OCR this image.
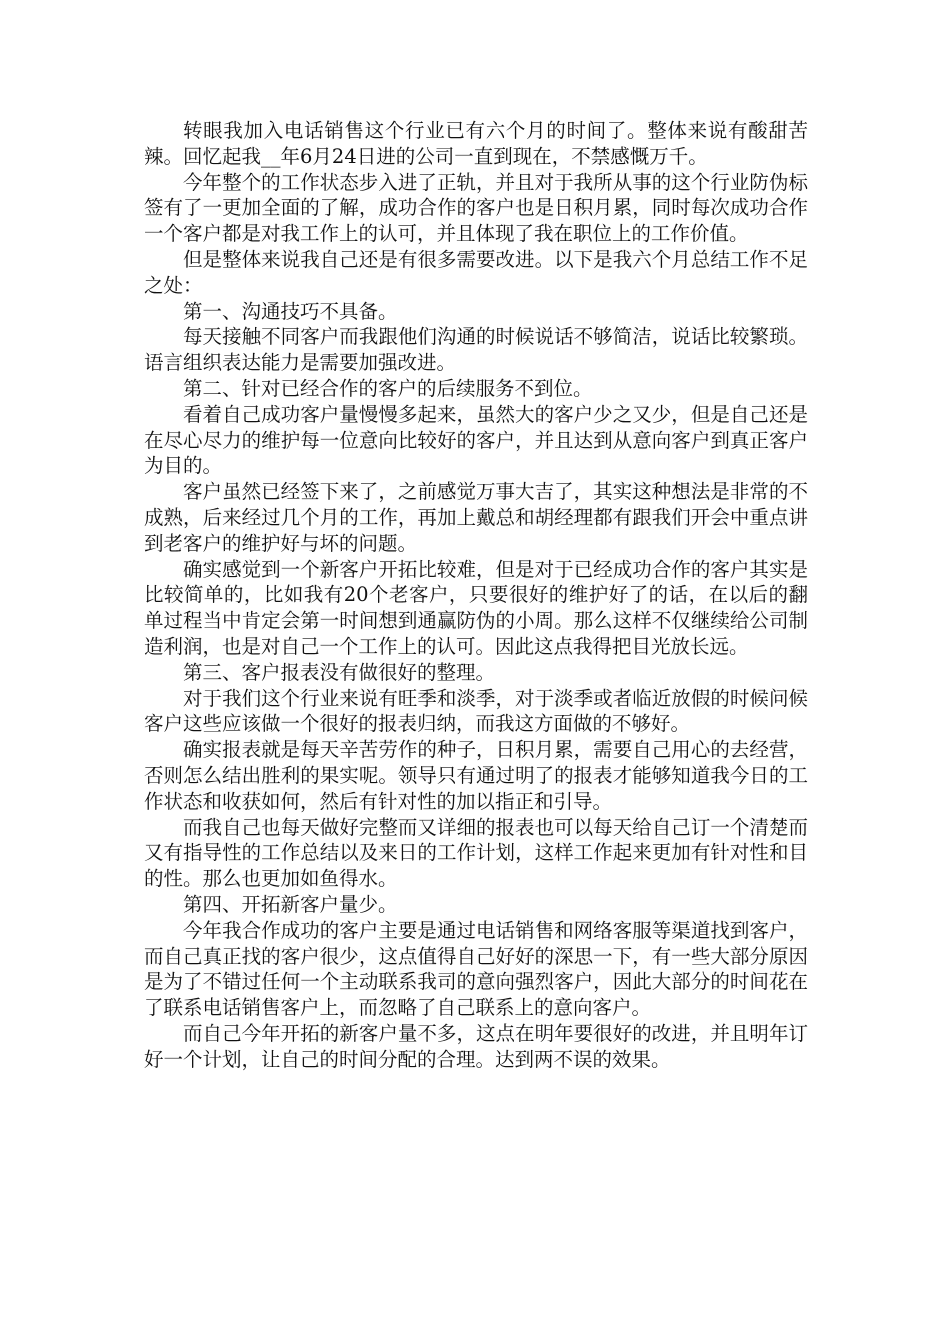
转眼我加入电话销售这个行业已有六个月的时间了。整体来说有酸甜苦辣。回忆起我__年6月24日进的公司一直到现在，不禁感慨万千。

今年整个的工作状态步入进了正轨，并且对于我所从事的这个行业防伪标签有了一更加全面的了解，成功合作的客户也是日积月累，同时每次成功合作一个客户都是对我工作上的认可，并且体现了我在职位上的工作价值。

但是整体来说我自己还是有很多需要改进。以下是我六个月总结工作不足之处：

第一、沟通技巧不具备。

每天接触不同客户而我跟他们沟通的时候说话不够简洁，说话比较繁琐。语言组织表达能力是需要加强改进。

第二、针对已经合作的客户的后续服务不到位。

看着自己成功客户量慢慢多起来，虽然大的客户少之又少，但是自己还是在尽心尽力的维护每一位意向比较好的客户，并且达到从意向客户到真正客户为目的。

客户虽然已经签下来了，之前感觉万事大吉了，其实这种想法是非常的不成熟，后来经过几个月的工作，再加上戴总和胡经理都有跟我们开会中重点讲到老客户的维护好与坏的问题。

确实感觉到一个新客户开拓比较难，但是对于已经成功合作的客户其实是比较简单的，比如我有20个老客户，只要很好的维护好了的话，在以后的翻单过程当中肯定会第一时间想到通赢防伪的小周。那么这样不仅继续给公司制造利润，也是对自己一个工作上的认可。因此这点我得把目光放长远。

第三、客户报表没有做很好的整理。

对于我们这个行业来说有旺季和淡季，对于淡季或者临近放假的时候问候客户这些应该做一个很好的报表归纳，而我这方面做的不够好。

确实报表就是每天辛苦劳作的种子，日积月累，需要自己用心的去经营，否则怎么结出胜利的果实呢。领导只有通过明了的报表才能够知道我今日的工作状态和收获如何，然后有针对性的加以指正和引导。

而我自己也每天做好完整而又详细的报表也可以每天给自己订一个清楚而又有指导性的工作总结以及来日的工作计划，这样工作起来更加有针对性和目的性。那么也更加如鱼得水。

第四、开拓新客户量少。

今年我合作成功的客户主要是通过电话销售和网络客服等渠道找到客户，而自己真正找的客户很少，这点值得自己好好的深思一下，有一些大部分原因是为了不错过任何一个主动联系我司的意向强烈客户，因此大部分的时间花在了联系电话销售客户上，而忽略了自己联系上的意向客户。

而自己今年开拓的新客户量不多，这点在明年要很好的改进，并且明年订好一个计划，让自己的时间分配的合理。达到两不误的效果。
